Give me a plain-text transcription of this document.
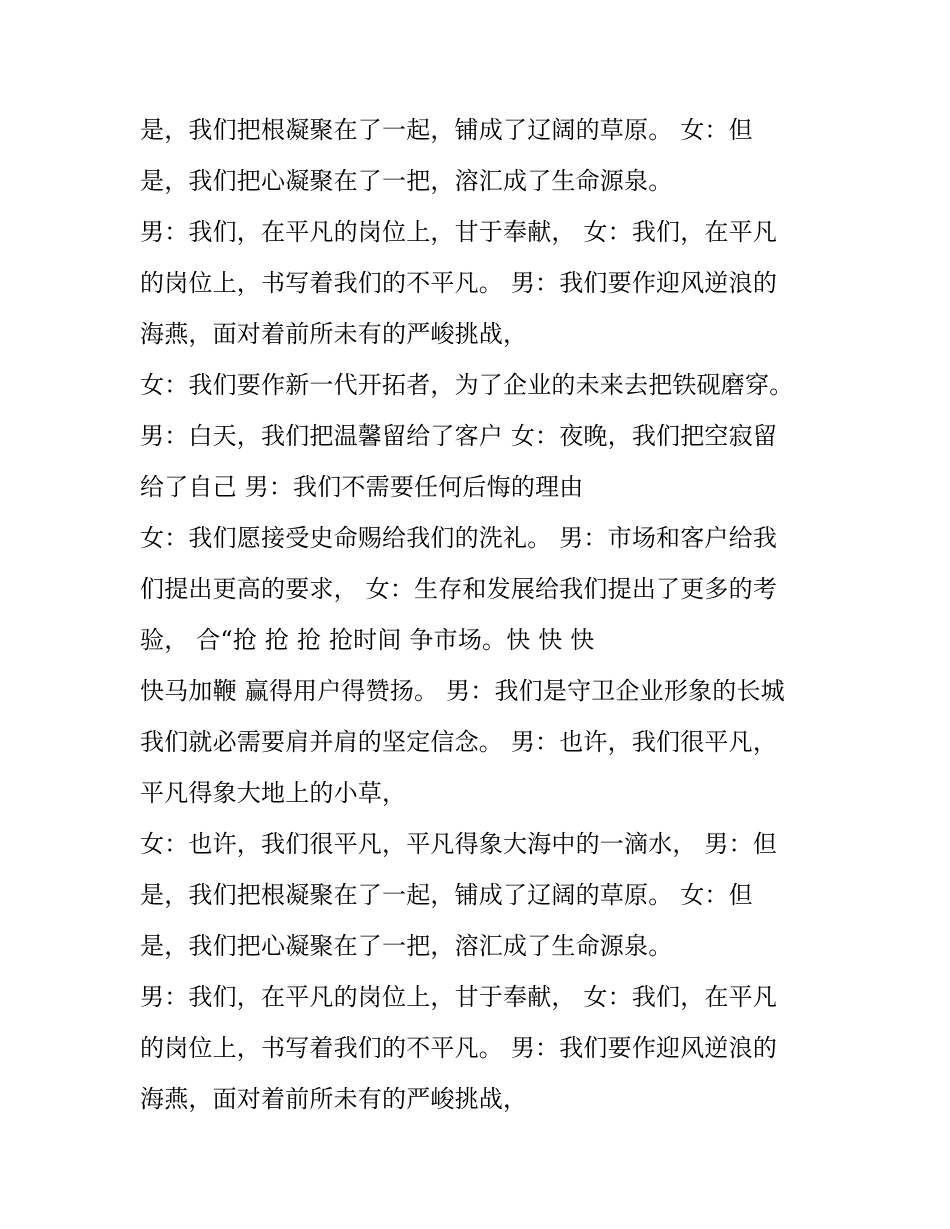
是，我们把根凝聚在了一起，铺成了辽阔的草原。 女：但
是，我们把心凝聚在了一把，溶汇成了生命源泉。
男：我们，在平凡的岗位上，甘于奉献， 女：我们，在平凡
的岗位上，书写着我们的不平凡。 男：我们要作迎风逆浪的
海燕，面对着前所未有的严峻挑战，
女：我们要作新一代开拓者，为了企业的未来去把铁砚磨穿。
男：白天，我们把温馨留给了客户 女：夜晚，我们把空寂留
给了自己 男：我们不需要任何后悔的理由
女：我们愿接受史命赐给我们的洗礼。 男：市场和客户给我
们提出更高的要求， 女：生存和发展给我们提出了更多的考
验， 合“抢 抢 抢 抢时间 争市场。快 快 快
快马加鞭 赢得用户得赞扬。 男：我们是守卫企业形象的长城
我们就必需要肩并肩的坚定信念。 男：也许，我们很平凡，
平凡得象大地上的小草，
女：也许，我们很平凡，平凡得象大海中的一滴水， 男：但
是，我们把根凝聚在了一起，铺成了辽阔的草原。 女：但
是，我们把心凝聚在了一把，溶汇成了生命源泉。
男：我们，在平凡的岗位上，甘于奉献， 女：我们，在平凡
的岗位上，书写着我们的不平凡。 男：我们要作迎风逆浪的
海燕，面对着前所未有的严峻挑战，
